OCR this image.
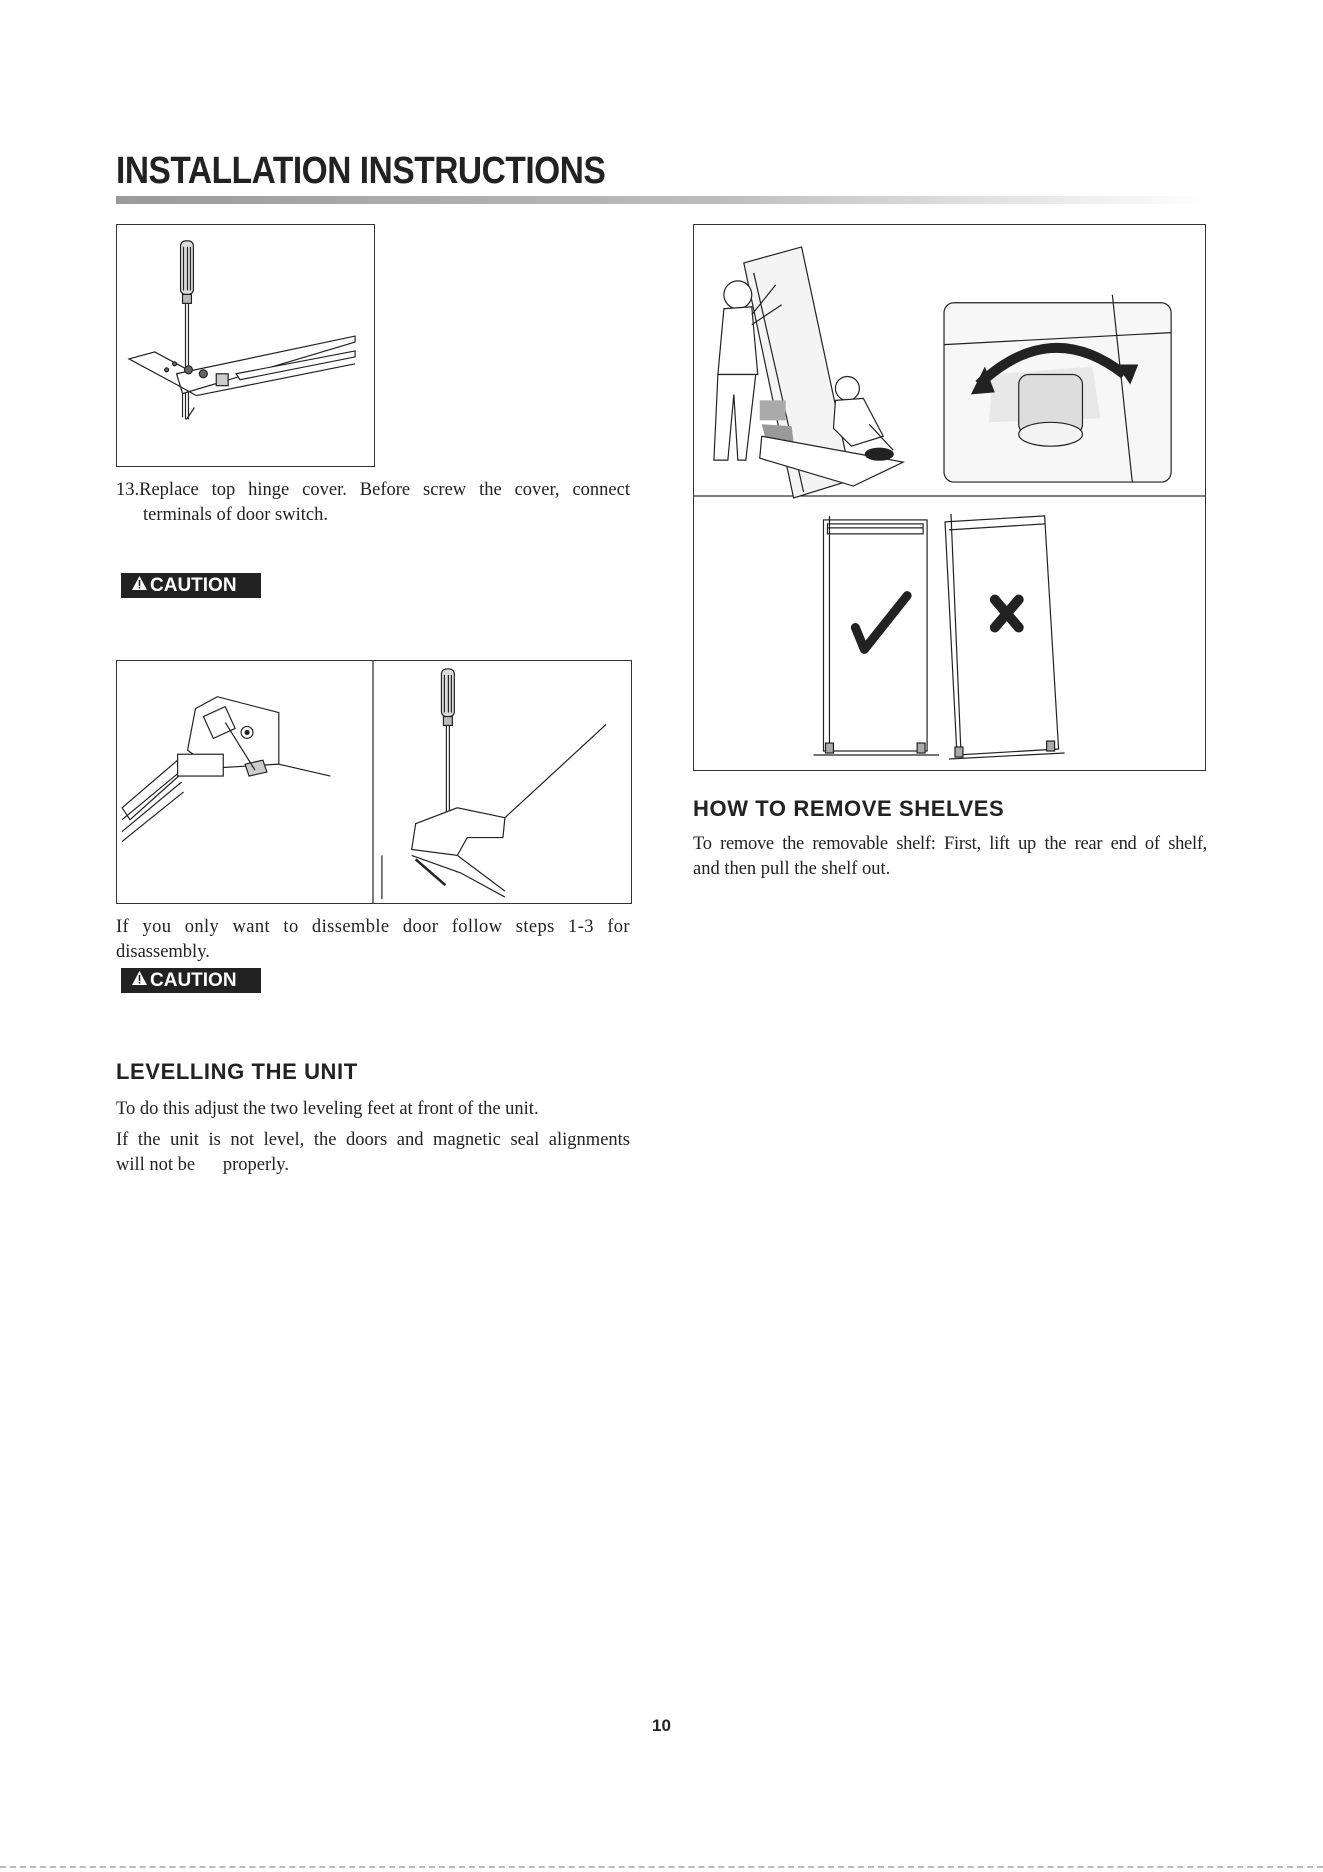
INSTALLATION INSTRUCTIONS

13.Replace top hinge cover. Before screw the cover, connect

terminals of door switch.

CAUTION

If you only want to dissemble door follow steps 1-3 for

disassembly.

CAUTION
LEVELLING THE UNIT

To do this adjust the two leveling feet at front of the unit.

If the unit is not level, the doors and magnetic seal alignments

will not be      properly.

HOW TO REMOVE SHELVES

To remove the removable shelf: First, lift up the rear end of shelf,

and then pull the shelf out.

10
